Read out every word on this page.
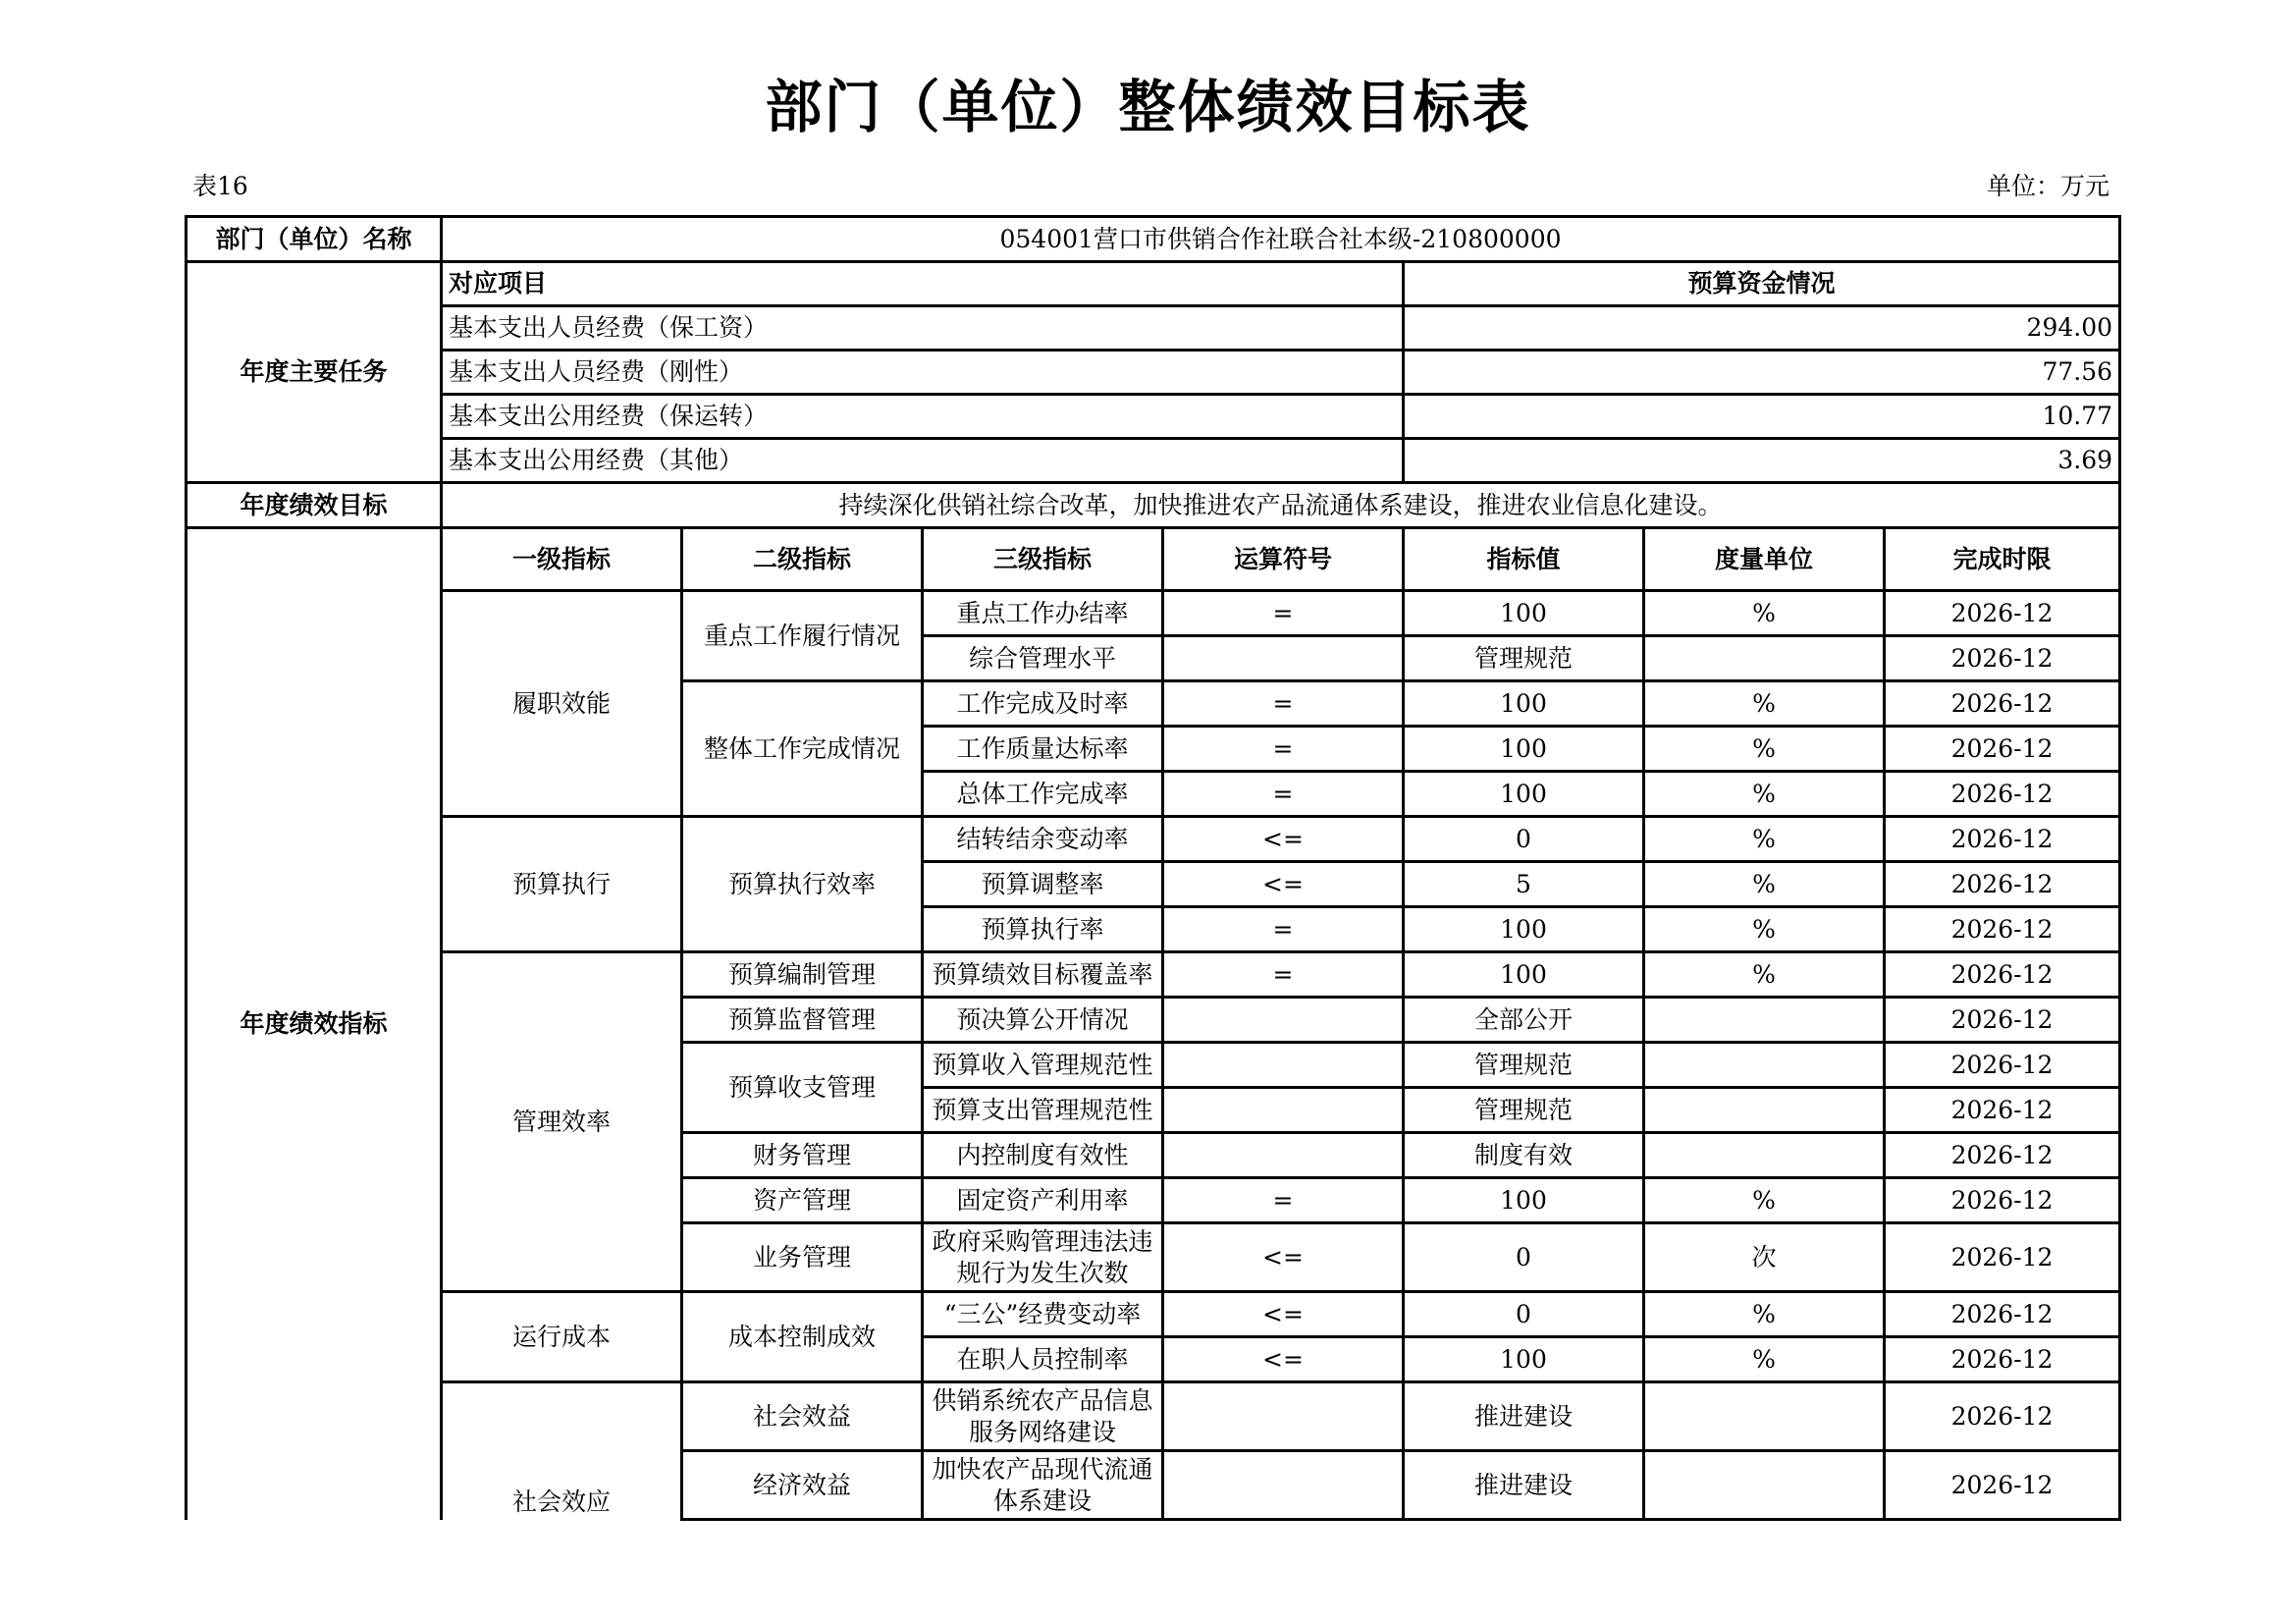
部门（单位）整体绩效目标表
表16	单位：万元
部门（单位）名称	054001营口市供销合作社联合社本级-210800000						
年度主要任务	对应项目				预算资金情况		
	基本支出人员经费（保工资）				294.00		
	基本支出人员经费（刚性）				77.56		
	基本支出公用经费（保运转）				10.77		
	基本支出公用经费（其他）				3.69		
年度绩效目标	持续深化供销社综合改革，加快推进农产品流通体系建设，推进农业信息化建设。						
年度绩效指标	一级指标	二级指标	三级指标	运算符号	指标值	度量单位	完成时限
	履职效能	重点工作履行情况	重点工作办结率	=	100	%	2026-12
			综合管理水平		管理规范		2026-12
		整体工作完成情况	工作完成及时率	=	100	%	2026-12
			工作质量达标率	=	100	%	2026-12
			总体工作完成率	=	100	%	2026-12
	预算执行	预算执行效率	结转结余变动率	<=	0	%	2026-12
			预算调整率	<=	5	%	2026-12
			预算执行率	=	100	%	2026-12
	管理效率	预算编制管理	预算绩效目标覆盖率	=	100	%	2026-12
		预算监督管理	预决算公开情况		全部公开		2026-12
		预算收支管理	预算收入管理规范性		管理规范		2026-12
			预算支出管理规范性		管理规范		2026-12
		财务管理	内控制度有效性		制度有效		2026-12
		资产管理	固定资产利用率	=	100	%	2026-12
		业务管理	政府采购管理违法违规行为发生次数	<=	0	次	2026-12
	运行成本	成本控制成效	“三公”经费变动率	<=	0	%	2026-12
			在职人员控制率	<=	100	%	2026-12
	社会效应	社会效益	供销系统农产品信息服务网络建设		推进建设		2026-12
		经济效益	加快农产品现代流通体系建设		推进建设		2026-12
